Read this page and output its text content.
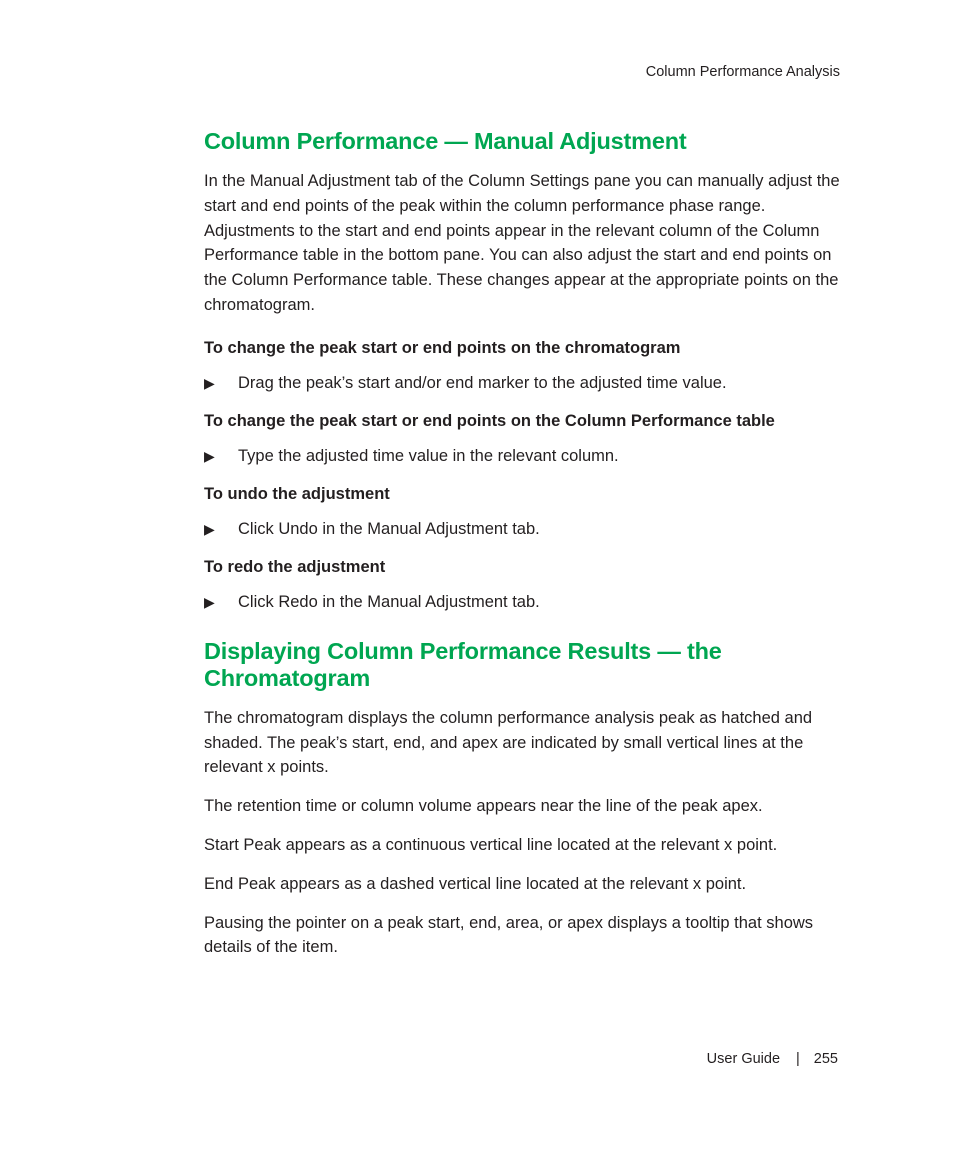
Column Performance Analysis
Column Performance — Manual Adjustment

In the Manual Adjustment tab of the Column Settings pane you can manually adjust the start and end points of the peak within the column performance phase range. Adjustments to the start and end points appear in the relevant column of the Column Performance table in the bottom pane. You can also adjust the start and end points on the Column Performance table. These changes appear at the appropriate points on the chromatogram.

To change the peak start or end points on the chromatogram
▶	Drag the peak’s start and/or end marker to the adjusted time value.
To change the peak start or end points on the Column Performance table
▶	Type the adjusted time value in the relevant column.
To undo the adjustment
▶	Click Undo in the Manual Adjustment tab.
To redo the adjustment
▶	Click Redo in the Manual Adjustment tab.
Displaying Column Performance Results — the Chromatogram

The chromatogram displays the column performance analysis peak as hatched and shaded. The peak’s start, end, and apex are indicated by small vertical lines at the relevant x points.

The retention time or column volume appears near the line of the peak apex.

Start Peak appears as a continuous vertical line located at the relevant x point.

End Peak appears as a dashed vertical line located at the relevant x point.

Pausing the pointer on a peak start, end, area, or apex displays a tooltip that shows details of the item.

User Guide | 255
